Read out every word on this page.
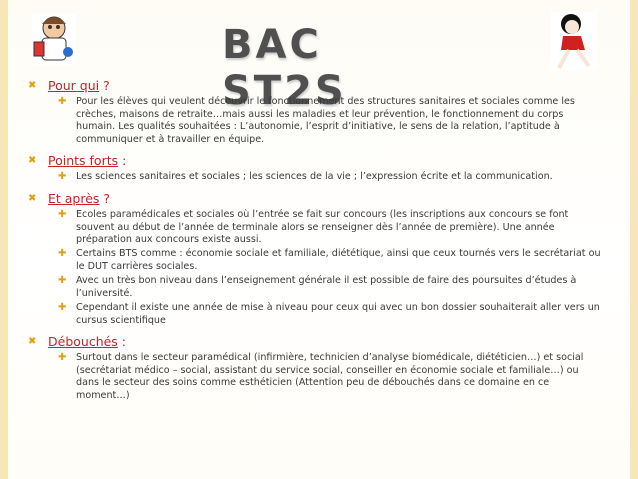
BAC ST2S
✖ Pour qui ?
✚ Pour les élèves qui veulent découvrir le fonctionnement des structures sanitaires et sociales comme les crèches, maisons de retraite…mais aussi les maladies et leur prévention, le fonctionnement du corps humain. Les qualités souhaitées : L’autonomie, l’esprit d’initiative, le sens de la relation, l’aptitude à communiquer et à travailler en équipe.
✖ Points forts :
✚ Les sciences sanitaires et sociales ; les sciences de la vie ; l’expression écrite et la communication.
✖ Et après ?
✚ Ecoles paramédicales et sociales où l’entrée se fait sur concours (les inscriptions aux concours se font souvent au début de l’année de terminale alors se renseigner dès l’année de première). Une année préparation aux concours existe aussi.
✚ Certains BTS comme : économie sociale et familiale, diététique, ainsi que ceux tournés vers le secrétariat ou le DUT carrières sociales.
✚ Avec un très bon niveau dans l’enseignement générale il est possible de faire des poursuites d’études à l’université.
✚ Cependant il existe une année de mise à niveau pour ceux qui avec un bon dossier souhaiterait aller vers un cursus scientifique
✖ Débouchés :
✚ Surtout dans le secteur paramédical (infirmière, technicien d’analyse biomédicale, diététicien…) et social (secrétariat médico – social, assistant du service social, conseiller en économie sociale et familiale…) ou dans le secteur des soins comme esthéticien (Attention peu de débouchés dans ce domaine en ce moment…)
